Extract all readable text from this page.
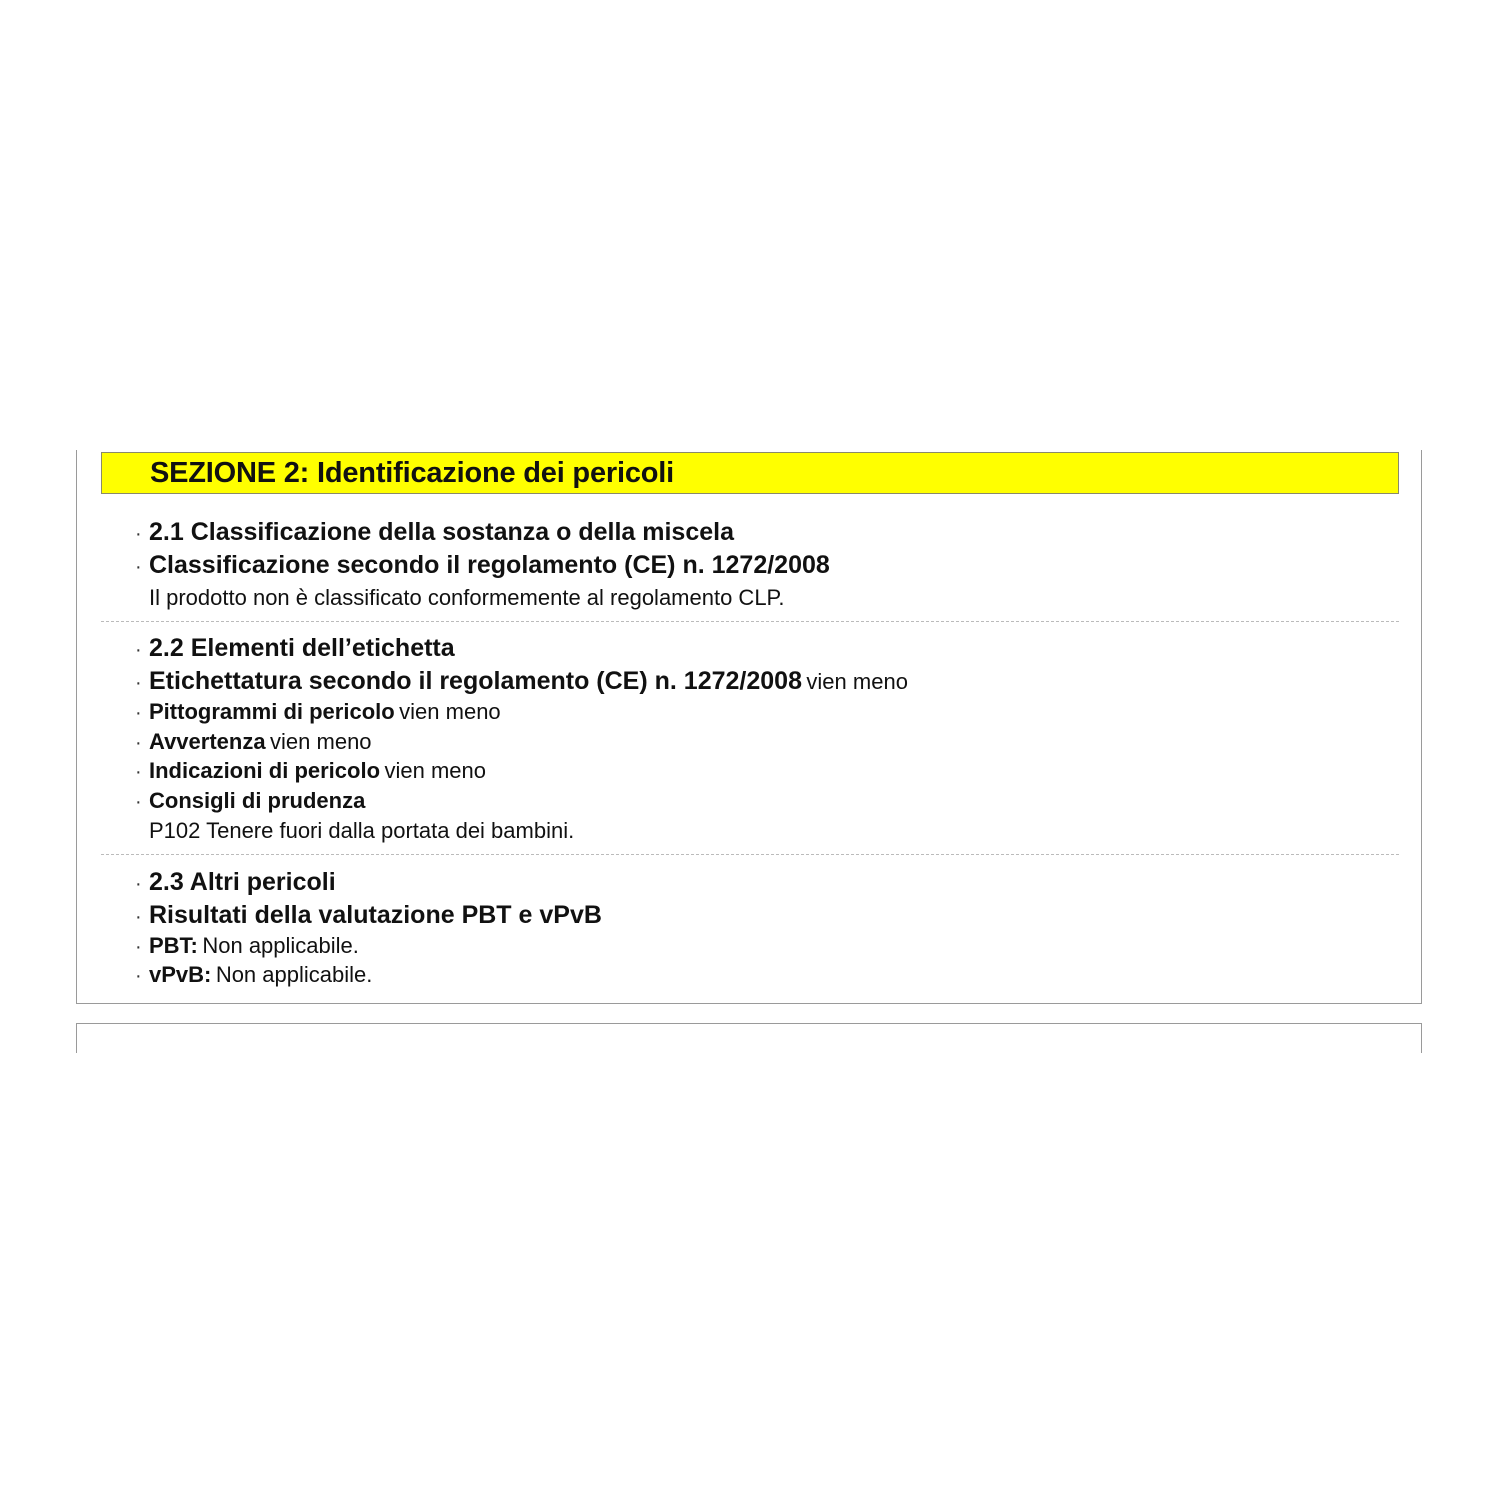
SEZIONE 2: Identificazione dei pericoli
· 2.1 Classificazione della sostanza o della miscela
· Classificazione secondo il regolamento (CE) n. 1272/2008
Il prodotto non è classificato conformemente al regolamento CLP.
· 2.2 Elementi dell’etichetta
· Etichettatura secondo il regolamento (CE) n. 1272/2008 vien meno
· Pittogrammi di pericolo vien meno
· Avvertenza vien meno
· Indicazioni di pericolo vien meno
· Consigli di prudenza
P102 Tenere fuori dalla portata dei bambini.
· 2.3 Altri pericoli
· Risultati della valutazione PBT e vPvB
· PBT: Non applicabile.
· vPvB: Non applicabile.
